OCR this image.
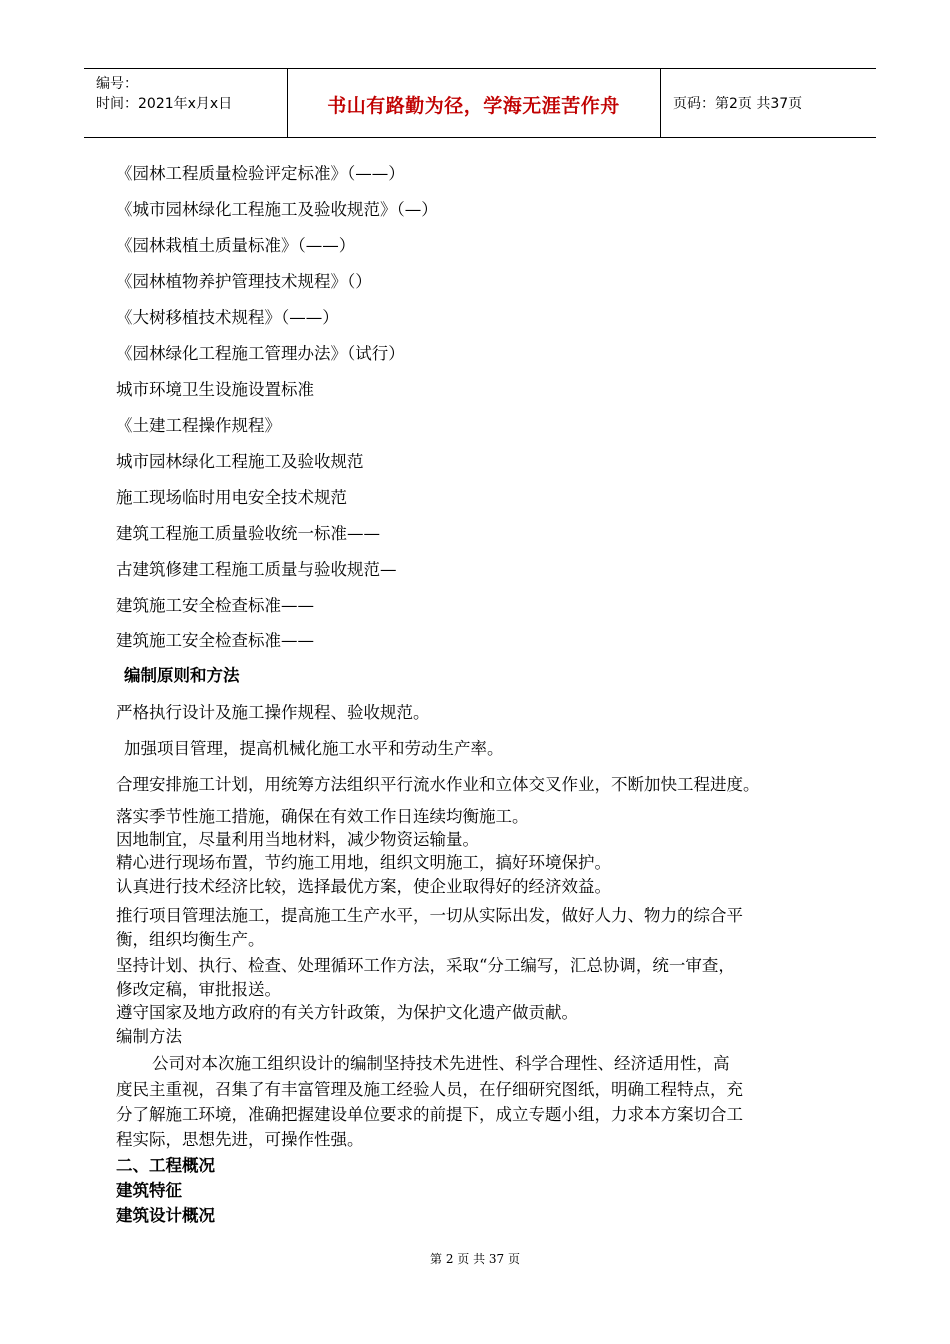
编号：
时间：2021年x月x日	书山有路勤为径，学海无涯苦作舟	页码：第2页 共37页
《园林工程质量检验评定标准》（——）
《城市园林绿化工程施工及验收规范》（—）
《园林栽植土质量标准》（——）
《园林植物养护管理技术规程》（）
《大树移植技术规程》（——）
《园林绿化工程施工管理办法》（试行）
城市环境卫生设施设置标准
《土建工程操作规程》
城市园林绿化工程施工及验收规范
施工现场临时用电安全技术规范
建筑工程施工质量验收统一标准——
古建筑修建工程施工质量与验收规范—
建筑施工安全检查标准——
建筑施工安全检查标准——
编制原则和方法
严格执行设计及施工操作规程、验收规范。
加强项目管理，提高机械化施工水平和劳动生产率。
合理安排施工计划，用统筹方法组织平行流水作业和立体交叉作业，不断加快工程进度。
落实季节性施工措施，确保在有效工作日连续均衡施工。
因地制宜，尽量利用当地材料，减少物资运输量。
精心进行现场布置，节约施工用地，组织文明施工，搞好环境保护。
认真进行技术经济比较，选择最优方案，使企业取得好的经济效益。
推行项目管理法施工，提高施工生产水平，一切从实际出发，做好人力、物力的综合平
衡，组织均衡生产。
坚持计划、执行、检查、处理循环工作方法，采取“分工编写，汇总协调，统一审查，
修改定稿，审批报送。
遵守国家及地方政府的有关方针政策，为保护文化遗产做贡献。
编制方法
公司对本次施工组织设计的编制坚持技术先进性、科学合理性、经济适用性，高
度民主重视，召集了有丰富管理及施工经验人员，在仔细研究图纸，明确工程特点，充
分了解施工环境，准确把握建设单位要求的前提下，成立专题小组，力求本方案切合工
程实际，思想先进，可操作性强。
二、工程概况
建筑特征
建筑设计概况
第 2 页 共 37 页
